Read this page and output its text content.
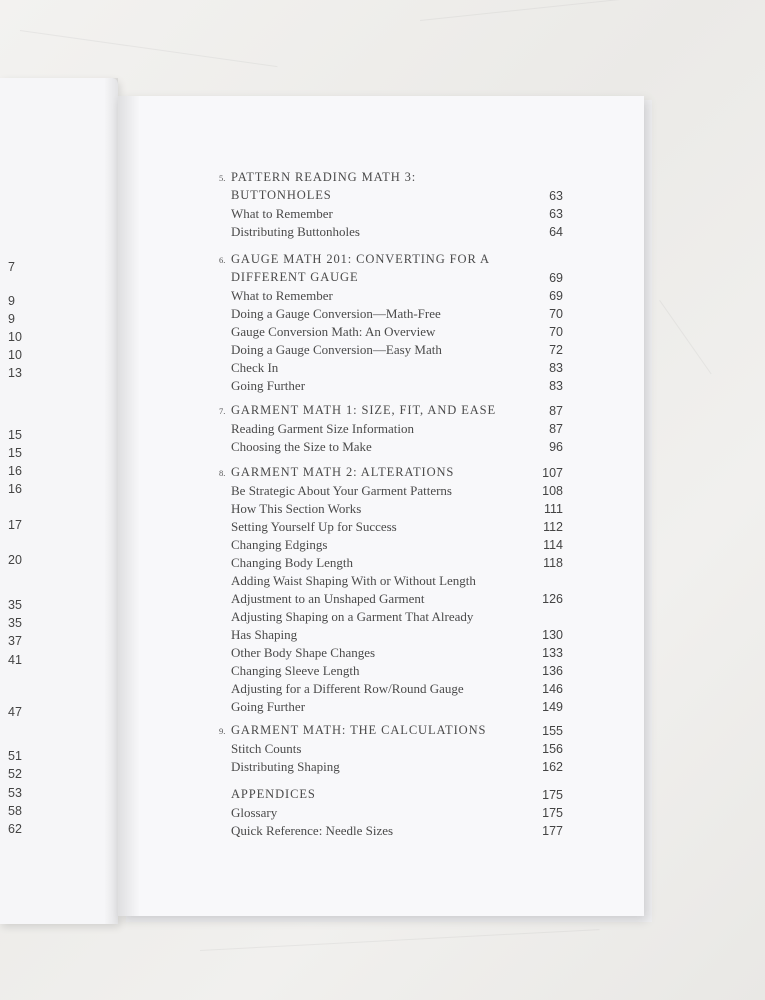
7
9
9
10
10
13
15
15
16
16
17
20
35
35
37
41
47
51
52
53
58
62
63
63
64
69
69
70
70
72
83
83
87
87
96
107
108
111
112
114
118
126
130
133
136
146
149
155
156
162
175
175
177
5. PATTERN READING MATH 3:
BUTTONHOLES
What to Remember
Distributing Buttonholes
6. GAUGE MATH 201: CONVERTING FOR A
DIFFERENT GAUGE
What to Remember
Doing a Gauge Conversion—Math-Free
Gauge Conversion Math: An Overview
Doing a Gauge Conversion—Easy Math
Check In
Going Further
7. GARMENT MATH 1: SIZE, FIT, AND EASE
Reading Garment Size Information
Choosing the Size to Make
8. GARMENT MATH 2: ALTERATIONS
Be Strategic About Your Garment Patterns
How This Section Works
Setting Yourself Up for Success
Changing Edgings
Changing Body Length
Adding Waist Shaping With or Without Length
Adjustment to an Unshaped Garment
Adjusting Shaping on a Garment That Already
Has Shaping
Other Body Shape Changes
Changing Sleeve Length
Adjusting for a Different Row/Round Gauge
Going Further
9. GARMENT MATH: THE CALCULATIONS
Stitch Counts
Distributing Shaping
APPENDICES
Glossary
Quick Reference: Needle Sizes
